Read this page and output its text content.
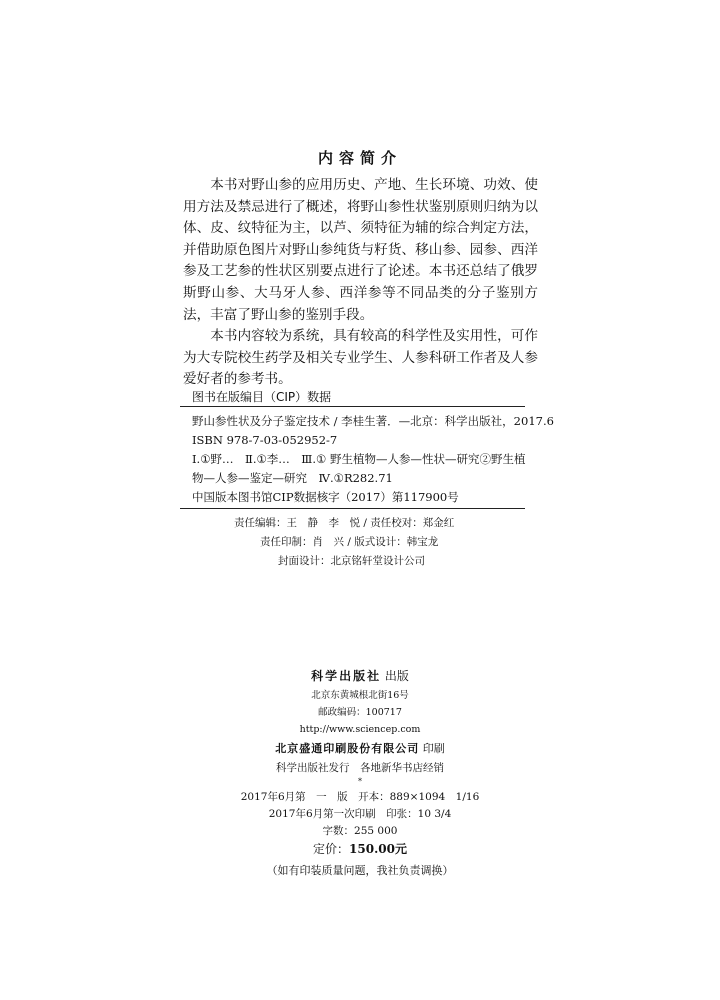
内容简介

本书对野山参的应用历史、产地、生长环境、功效、使用方法及禁忌进行了概述，将野山参性状鉴别原则归纳为以体、皮、纹特征为主，以芦、须特征为辅的综合判定方法，并借助原色图片对野山参纯货与籽货、移山参、园参、西洋参及工艺参的性状区别要点进行了论述。本书还总结了俄罗斯野山参、大马牙人参、西洋参等不同品类的分子鉴别方法，丰富了野山参的鉴别手段。

本书内容较为系统，具有较高的科学性及实用性，可作为大专院校生药学及相关专业学生、人参科研工作者及人参爱好者的参考书。

图书在版编目（CIP）数据
野山参性状及分子鉴定技术 / 李桂生著．—北京：科学出版社，2017.6
ISBN 978-7-03-052952-7
Ⅰ.①野…　Ⅱ.①李…　Ⅲ.① 野生植物—人参—性状—研究②野生植
物—人参—鉴定—研究　Ⅳ.①R282.71
中国版本图书馆CIP数据核字（2017）第117900号
责任编辑：王　静　李　悦 / 责任校对：郑金红
责任印制：肖　兴 / 版式设计：韩宝龙
封面设计：北京铭轩堂设计公司
科学出版社 出版
北京东黄城根北街16号
邮政编码：100717
http://www.sciencep.com
北京盛通印刷股份有限公司 印刷
科学出版社发行　各地新华书店经销
*
2017年6月第　一　版　开本：889×1094　1/16
2017年6月第一次印刷　印张：10 3/4
字数：255 000
定价：150.00元
（如有印装质量问题，我社负责调换）
